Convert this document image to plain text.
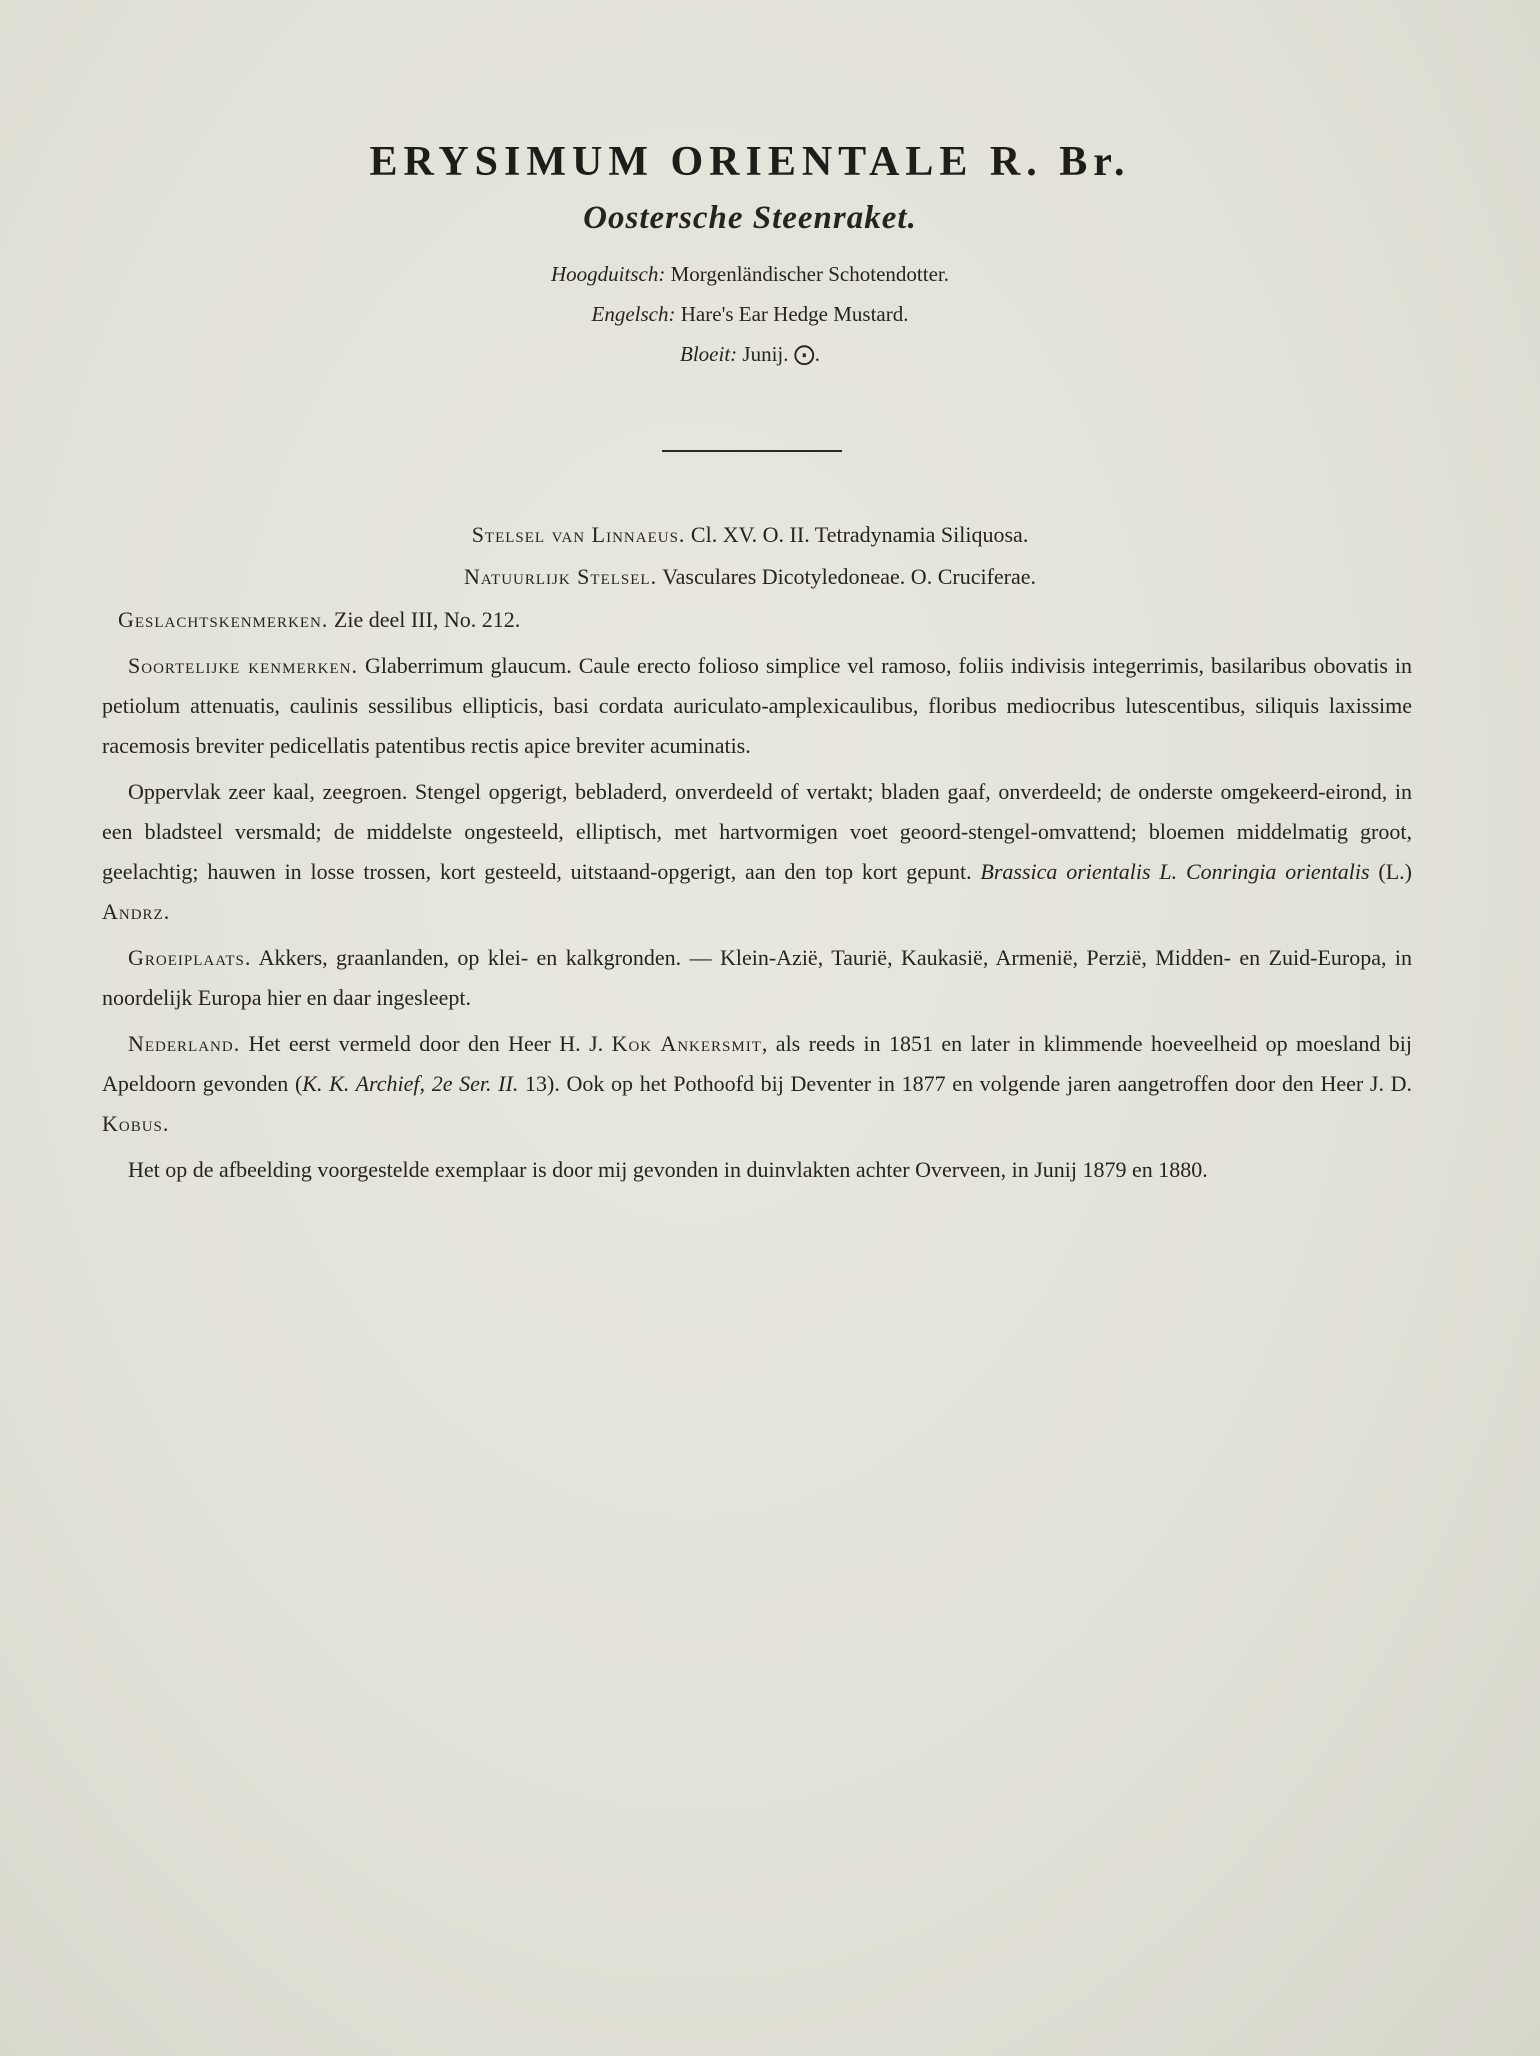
ERYSIMUM ORIENTALE R. Br.
Oostersche Steenraket.
Hoogduitsch: Morgenländischer Schotendotter.
Engelsch: Hare's Ear Hedge Mustard.
Bloeit: Junij. ⨀.
Stelsel van Linnaeus. Cl. XV. O. II. Tetradynamia Siliquosa.
Natuurlijk Stelsel. Vasculares Dicotyledoneae. O. Cruciferae.

Geslachtskenmerken. Zie deel III, No. 212.

Soortelijke kenmerken. Glaberrimum glaucum. Caule erecto folioso simplice vel ramoso, foliis indivisis integerrimis, basilaribus obovatis in petiolum attenuatis, caulinis sessilibus ellipticis, basi cordata auriculato-amplexicaulibus, floribus mediocribus lutescentibus, siliquis laxissime racemosis breviter pedicellatis patentibus rectis apice breviter acuminatis.

Oppervlak zeer kaal, zeegroen. Stengel opgerigt, bebladerd, onverdeeld of vertakt; bladen gaaf, onverdeeld; de onderste omgekeerd-eirond, in een bladsteel versmald; de middelste ongesteeld, elliptisch, met hartvormigen voet geoord-stengel-omvattend; bloemen middelmatig groot, geelachtig; hauwen in losse trossen, kort gesteeld, uitstaand-opgerigt, aan den top kort gepunt. Brassica orientalis L. Conringia orientalis (L.) Andrz.

Groeiplaats. Akkers, graanlanden, op klei- en kalkgronden. — Klein-Azië, Taurië, Kaukasië, Armenië, Perzië, Midden- en Zuid-Europa, in noordelijk Europa hier en daar ingesleept.

Nederland. Het eerst vermeld door den Heer H. J. Kok Ankersmit, als reeds in 1851 en later in klimmende hoeveelheid op moesland bij Apeldoorn gevonden (K. K. Archief, 2e Ser. II. 13). Ook op het Pothoofd bij Deventer in 1877 en volgende jaren aangetroffen door den Heer J. D. Kobus.

Het op de afbeelding voorgestelde exemplaar is door mij gevonden in duinvlakten achter Overveen, in Junij 1879 en 1880.
